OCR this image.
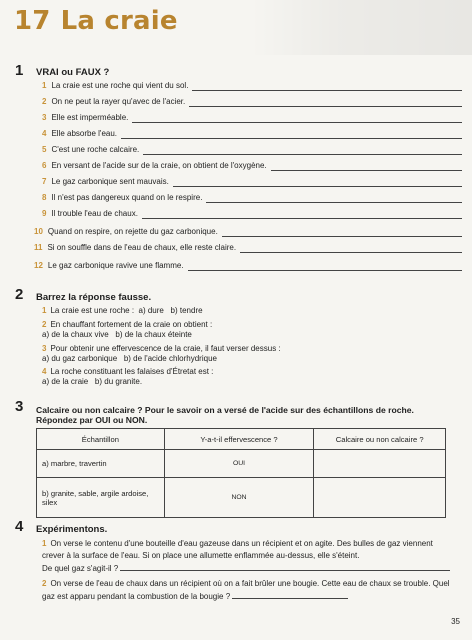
17 La craie
1 VRAI ou FAUX ?
1 La craie est une roche qui vient du sol.
2 On ne peut la rayer qu'avec de l'acier.
3 Elle est imperméable.
4 Elle absorbe l'eau.
5 C'est une roche calcaire.
6 En versant de l'acide sur de la craie, on obtient de l'oxygène.
7 Le gaz carbonique sent mauvais.
8 Il n'est pas dangereux quand on le respire.
9 Il trouble l'eau de chaux.
10 Quand on respire, on rejette du gaz carbonique.
11 Si on souffle dans de l'eau de chaux, elle reste claire.
12 Le gaz carbonique ravive une flamme.
2 Barrez la réponse fausse.
1 La craie est une roche : a) dure   b) tendre
2 En chauffant fortement de la craie on obtient :
a) de la chaux vive   b) de la chaux éteinte
3 Pour obtenir une effervescence de la craie, il faut verser dessus :
a) du gaz carbonique   b) de l'acide chlorhydrique
4 La roche constituant les falaises d'Étretat est :
a) de la craie   b) du granite.
3 Calcaire ou non calcaire ? Pour le savoir on a versé de l'acide sur des échantillons de roche.
Répondez par OUI ou NON.
Échantillon	Y-a-t-il effervescence ?	Calcaire ou non calcaire ?
a) marbre, travertin	OUI	
b) granite, sable, argile ardoise, silex	NON	
4 Expérimentons.
1 On verse le contenu d'une bouteille d'eau gazeuse dans un récipient et on agite. Des bulles de gaz viennent crever à la surface de l'eau. Si on place une allumette enflammée au-dessus, elle s'éteint.
De quel gaz s'agit-il ?
2 On verse de l'eau de chaux dans un récipient où on a fait brûler une bougie. Cette eau de chaux se trouble. Quel gaz est apparu pendant la combustion de la bougie ?
35
